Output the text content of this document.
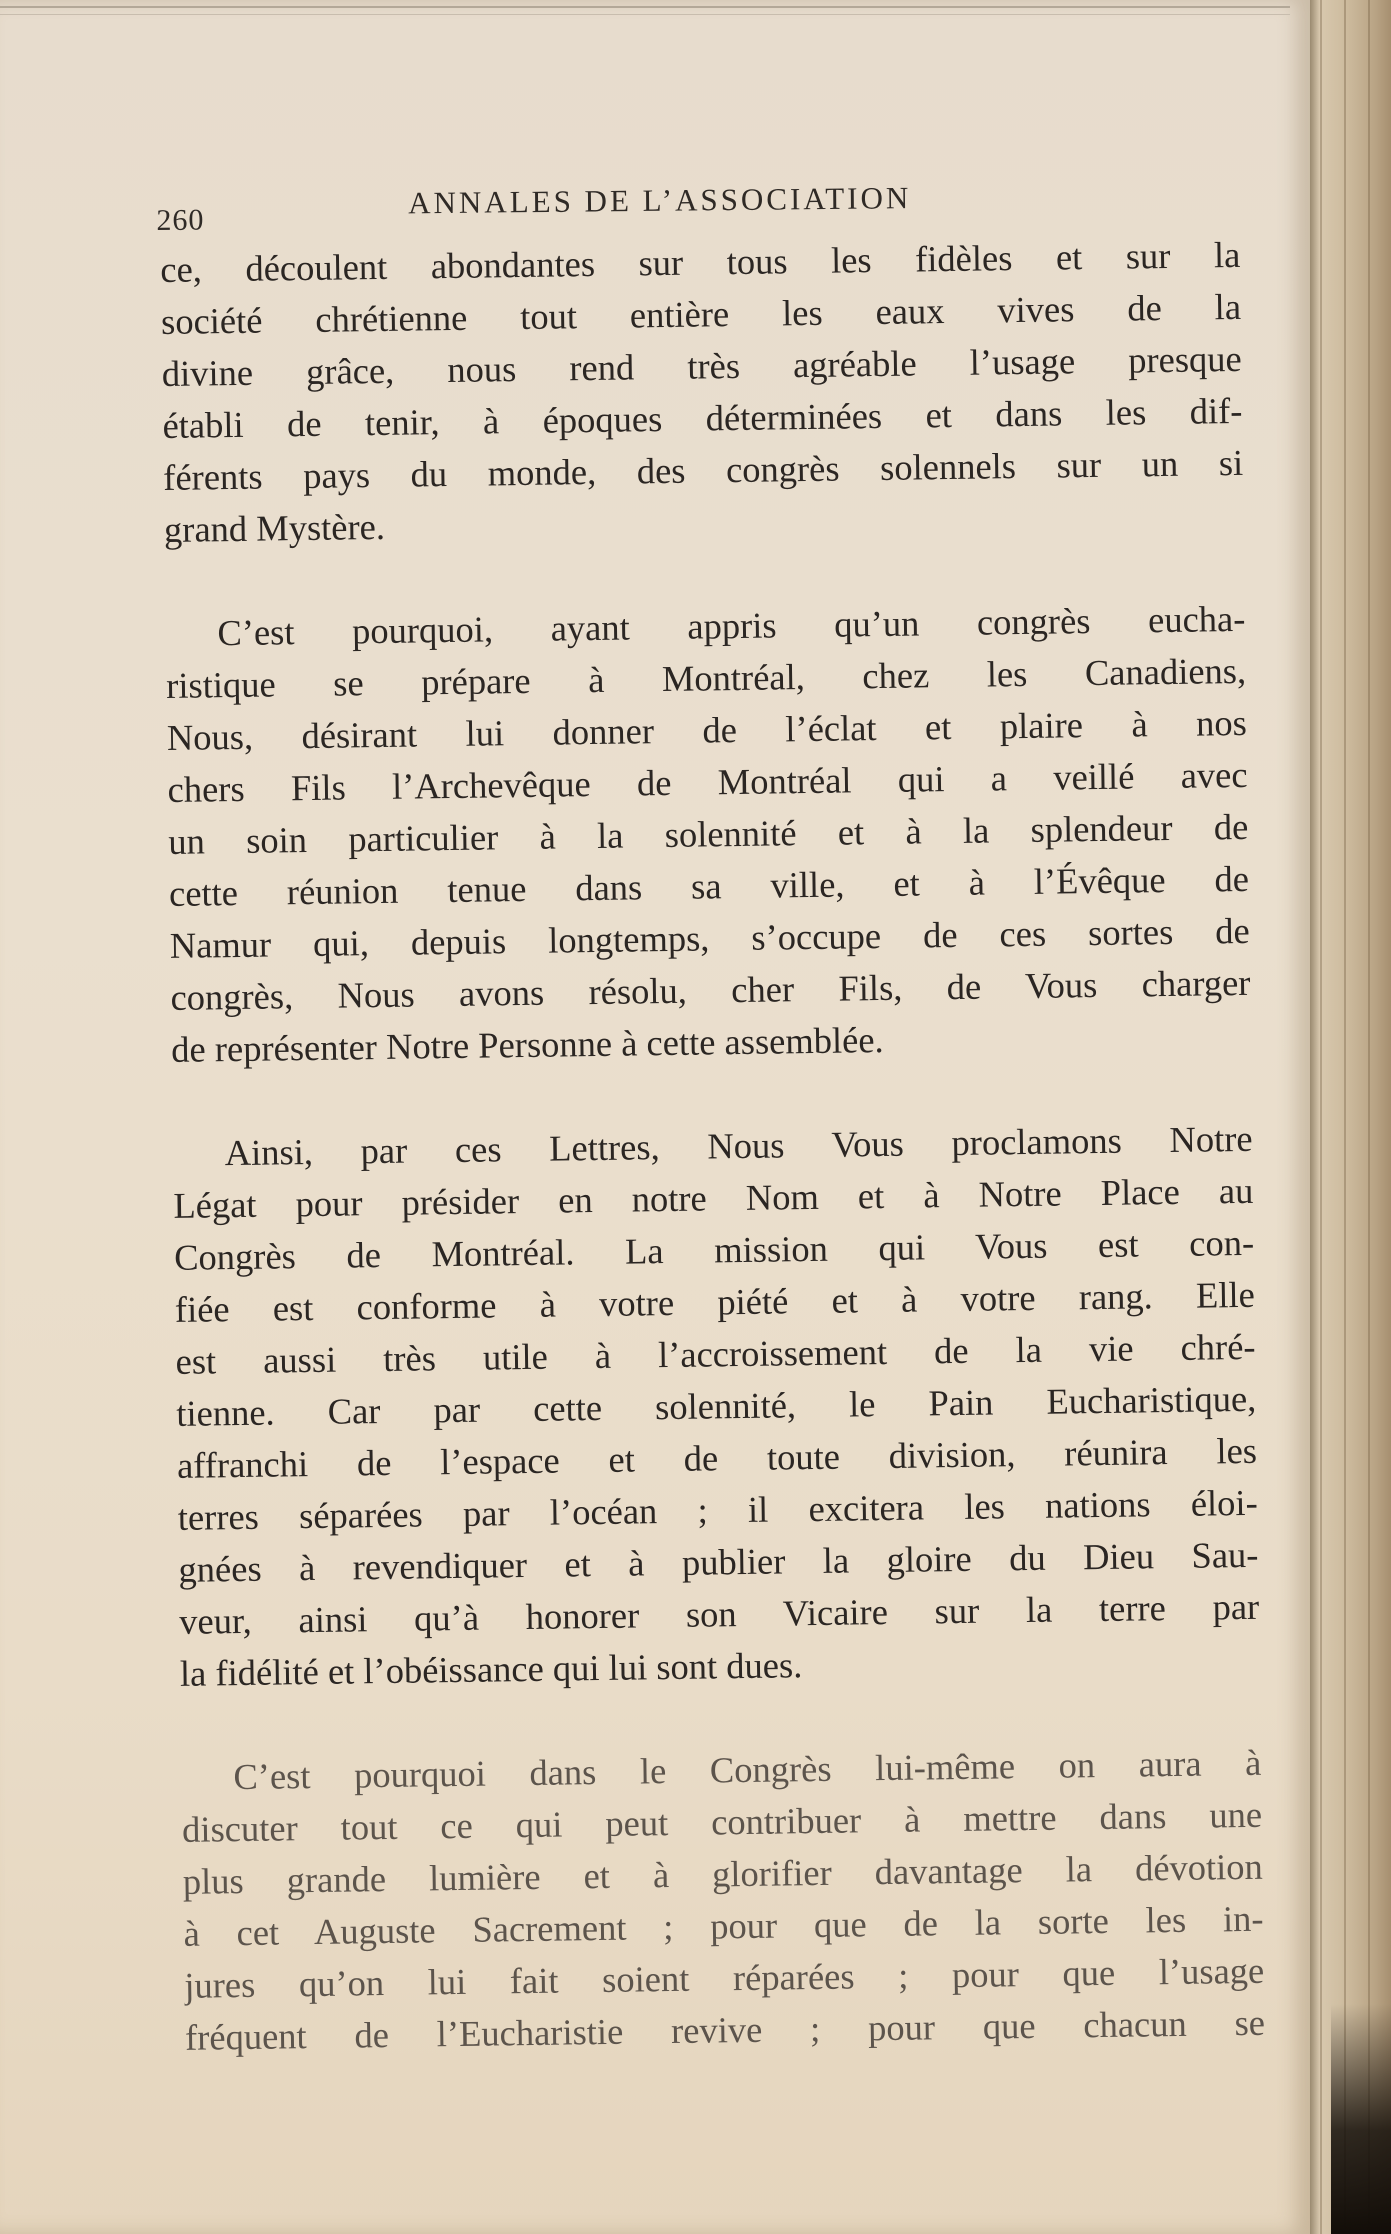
260	ANNALES DE L’ASSOCIATION

ce, découlent abondantes sur tous les fidèles et sur la
société chrétienne tout entière les eaux vives de la
divine grâce, nous rend très agréable l’usage presque
établi de tenir, à époques déterminées et dans les dif-
férents pays du monde, des congrès solennels sur un si
grand Mystère.

C’est pourquoi, ayant appris qu’un congrès eucha-
ristique se prépare à Montréal, chez les Canadiens,
Nous, désirant lui donner de l’éclat et plaire à nos
chers Fils l’Archevêque de Montréal qui a veillé avec
un soin particulier à la solennité et à la splendeur de
cette réunion tenue dans sa ville, et à l’Évêque de
Namur qui, depuis longtemps, s’occupe de ces sortes de
congrès, Nous avons résolu, cher Fils, de Vous charger
de représenter Notre Personne à cette assemblée.

Ainsi, par ces Lettres, Nous Vous proclamons Notre
Légat pour présider en notre Nom et à Notre Place au
Congrès de Montréal. La mission qui Vous est con-
fiée est conforme à votre piété et à votre rang. Elle
est aussi très utile à l’accroissement de la vie chré-
tienne. Car par cette solennité, le Pain Eucharistique,
affranchi de l’espace et de toute division, réunira les
terres séparées par l’océan ; il excitera les nations éloi-
gnées à revendiquer et à publier la gloire du Dieu Sau-
veur, ainsi qu’à honorer son Vicaire sur la terre par
la fidélité et l’obéissance qui lui sont dues.

C’est pourquoi dans le Congrès lui-même on aura à
discuter tout ce qui peut contribuer à mettre dans une
plus grande lumière et à glorifier davantage la dévotion
à cet Auguste Sacrement ; pour que de la sorte les in-
jures qu’on lui fait soient réparées ; pour que l’usage
fréquent de l’Eucharistie revive ; pour que chacun se
